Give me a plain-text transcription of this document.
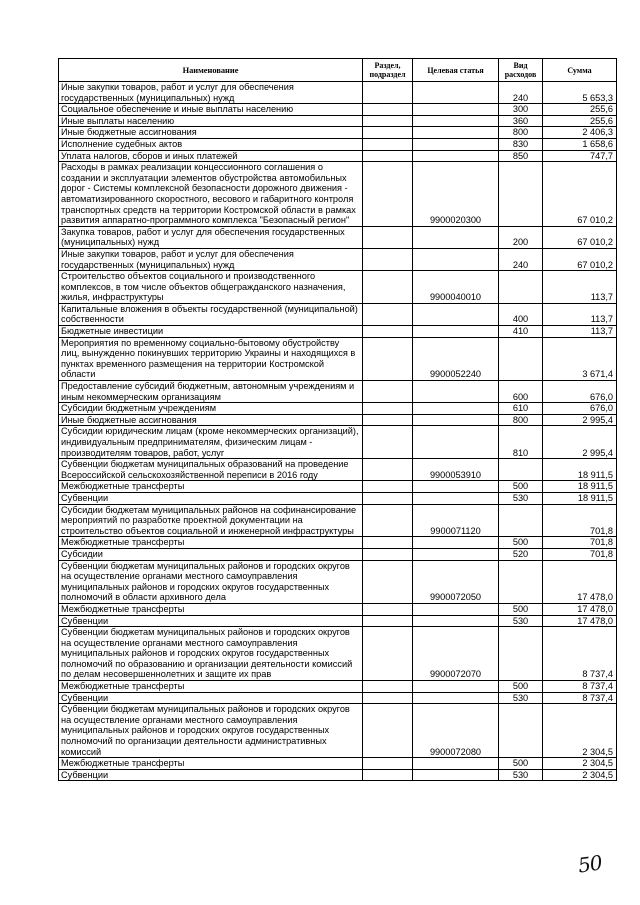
Наименование	Раздел, подраздел	Целевая статья	Вид расходов	Сумма
Иные закупки товаров, работ и услуг для обеспечения государственных (муниципальных) нужд			240	5 653,3
Социальное обеспечение и иные выплаты населению			300	255,6
Иные выплаты населению			360	255,6
Иные бюджетные ассигнования			800	2 406,3
Исполнение судебных актов			830	1 658,6
Уплата налогов, сборов и иных платежей			850	747,7
Расходы в рамках реализации концессионного соглашения о создании и эксплуатации элементов обустройства автомобильных дорог - Системы комплексной безопасности дорожного движения - автоматизированного скоростного, весового и габаритного контроля транспортных средств на территории Костромской области в рамках развития аппаратно-программного комплекса "Безопасный регион"		9900020300		67 010,2
Закупка товаров, работ и услуг для обеспечения государственных (муниципальных) нужд			200	67 010,2
Иные закупки товаров, работ и услуг для обеспечения государственных (муниципальных) нужд			240	67 010,2
Строительство объектов социального и производственного комплексов, в том числе объектов общегражданского назначения, жилья, инфраструктуры		9900040010		113,7
Капитальные вложения в объекты государственной (муниципальной) собственности			400	113,7
Бюджетные инвестиции			410	113,7
Мероприятия по временному социально-бытовому обустройству лиц, вынужденно покинувших территорию Украины и находящихся в пунктах временного размещения на территории Костромской области		9900052240		3 671,4
Предоставление субсидий бюджетным, автономным учреждениям и иным некоммерческим организациям			600	676,0
Субсидии бюджетным учреждениям			610	676,0
Иные бюджетные ассигнования			800	2 995,4
Субсидии юридическим лицам (кроме некоммерческих организаций), индивидуальным предпринимателям, физическим лицам - производителям товаров, работ, услуг			810	2 995,4
Субвенции бюджетам муниципальных образований на проведение Всероссийской сельскохозяйственной переписи в 2016 году		9900053910		18 911,5
Межбюджетные трансферты			500	18 911,5
Субвенции			530	18 911,5
Субсидии бюджетам муниципальных районов на софинансирование мероприятий по разработке проектной документации на строительство объектов социальной и инженерной инфраструктуры		9900071120		701,8
Межбюджетные трансферты			500	701,8
Субсидии			520	701,8
Субвенции бюджетам муниципальных районов и городских округов на осуществление органами местного самоуправления муниципальных районов и городских округов государственных полномочий в области архивного дела		9900072050		17 478,0
Межбюджетные трансферты			500	17 478,0
Субвенции			530	17 478,0
Субвенции бюджетам муниципальных районов и городских округов на осуществление органами местного самоуправления муниципальных районов и городских округов государственных полномочий по образованию и организации деятельности комиссий по делам несовершеннолетних и защите их прав		9900072070		8 737,4
Межбюджетные трансферты			500	8 737,4
Субвенции			530	8 737,4
Субвенции бюджетам муниципальных районов и городских округов на осуществление органами местного самоуправления муниципальных районов и городских округов государственных полномочий по организации деятельности административных комиссий		9900072080		2 304,5
Межбюджетные трансферты			500	2 304,5
Субвенции			530	2 304,5
50
